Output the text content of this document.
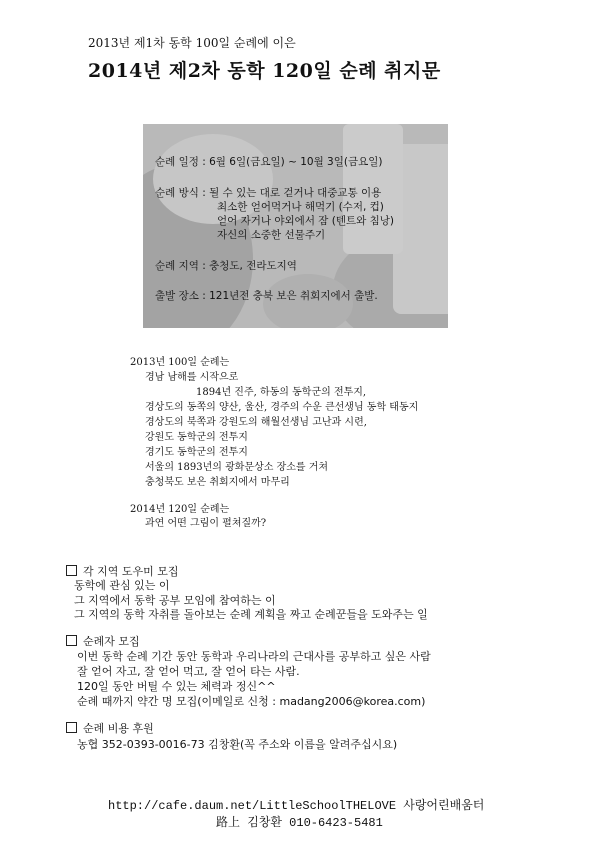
2013년 제1차 동학 100일 순례에 이은
2014년 제2차 동학 120일 순례 취지문
순례 일정 : 6월 6일(금요일) ~ 10월 3일(금요일)
순례 방식 : 될 수 있는 대로 걷거나 대중교통 이용
최소한 얻어먹거나 해먹기 (수저, 컵)
얻어 자거나 야외에서 잠 (텐트와 침낭)
자신의 소중한 선물주기
순례 지역 : 충청도, 전라도지역
출발 장소 : 121년전 충북 보은 취회지에서 출발.
2013년 100일 순례는
경남 남해를 시작으로
1894년 진주, 하동의 동학군의 전투지,
경상도의 동쪽의 양산, 울산, 경주의 수운 큰선생님 동학 태동지
경상도의 북쪽과 강원도의 해월선생님 고난과 시련,
강원도 동학군의 전투지
경기도 동학군의 전투지
서울의 1893년의 광화문상소 장소를 거쳐
충청북도 보은 취회지에서 마무리
2014년 120일 순례는
과연 어떤 그림이 펼쳐질까?
각 지역 도우미 모집
동학에 관심 있는 이
그 지역에서 동학 공부 모임에 참여하는 이
그 지역의 동학 자취를 돌아보는 순례 계획을 짜고 순례꾼들을 도와주는 일
순례자 모집
이번 동학 순례 기간 동안 동학과 우리나라의 근대사를 공부하고 싶은 사람
잘 얻어 자고, 잘 얻어 먹고, 잘 얻어 타는 사람.
120일 동안 버틸 수 있는 체력과 정신^^
순례 때까지 약간 명 모집(이메일로 신청 : madang2006@korea.com)
순례 비용 후원
농협 352-0393-0016-73 김창환(꼭 주소와 이름을 알려주십시요)
http://cafe.daum.net/LittleSchoolTHELOVE 사랑어린배움터
路上 김창환 010-6423-5481
